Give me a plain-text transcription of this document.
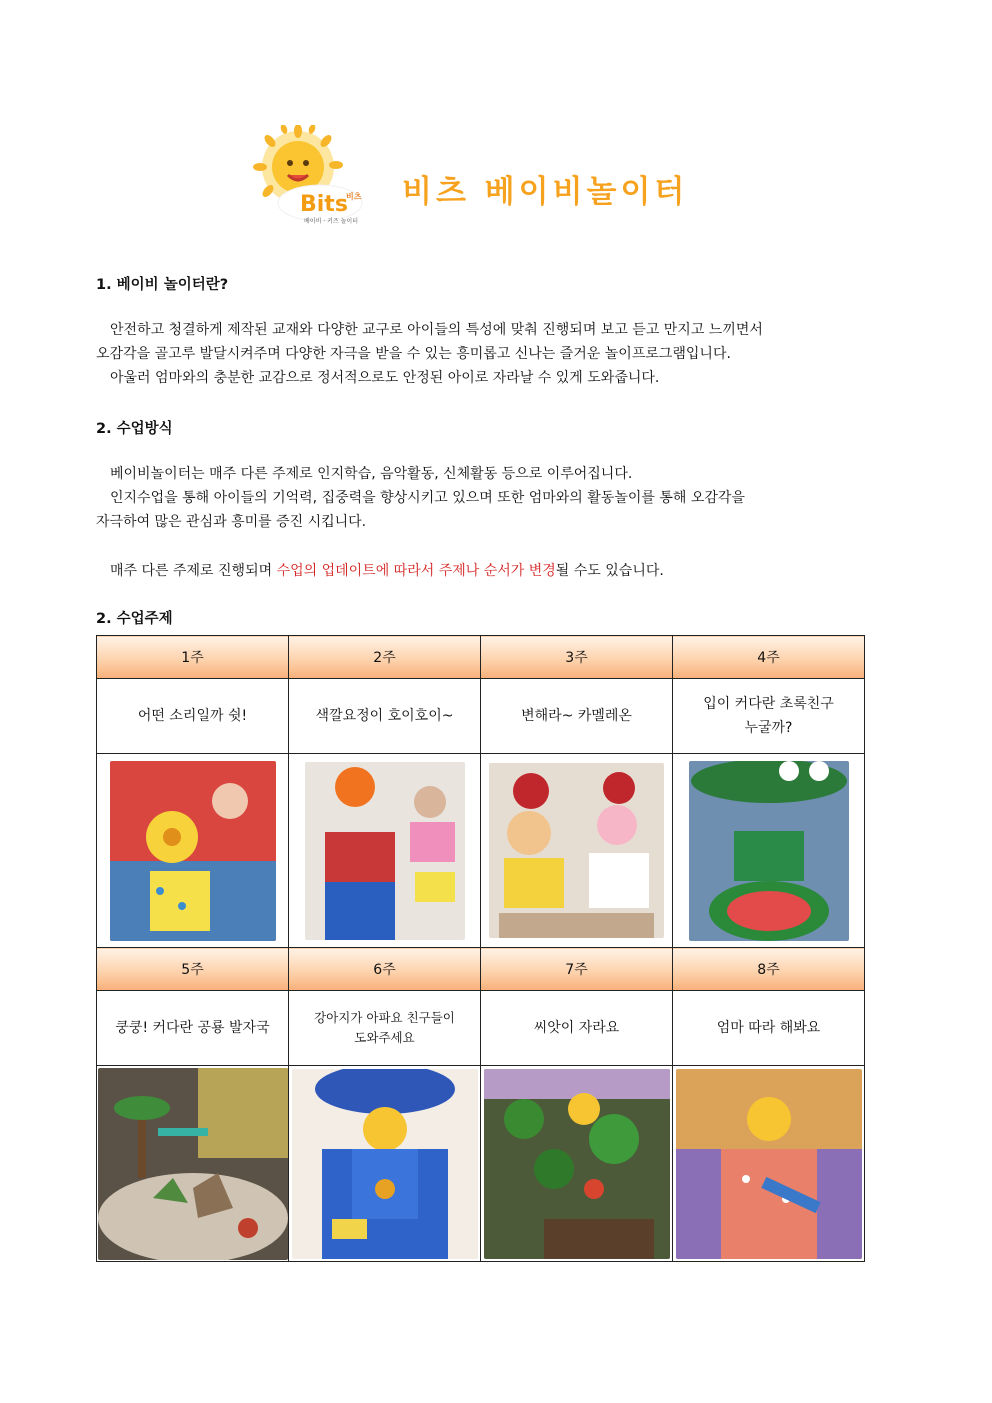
Bits
비츠
베이비 · 키즈 놀이터
비츠 베이비놀이터
1. 베이비 놀이터란?
안전하고 청결하게 제작된 교재와 다양한 교구로 아이들의 특성에 맞춰 진행되며 보고 듣고 만지고 느끼면서
오감각을 골고루 발달시켜주며 다양한 자극을 받을 수 있는 흥미롭고 신나는 즐거운 놀이프로그램입니다.
아울러 엄마와의 충분한 교감으로 정서적으로도 안정된 아이로 자라날 수 있게 도와줍니다.
2. 수업방식
베이비놀이터는 매주 다른 주제로 인지학습, 음악활동, 신체활동 등으로 이루어집니다.
인지수업을 통해 아이들의 기억력, 집중력을 향상시키고 있으며 또한 엄마와의 활동놀이를 통해 오감각을
자극하여 많은 관심과 흥미를 증진 시킵니다.
매주 다른 주제로 진행되며 수업의 업데이트에 따라서 주제나 순서가 변경될 수도 있습니다.
2. 수업주제
1주	2주	3주	4주
어떤 소리일까 쉿!	색깔요정이 호이호이~	변해라~ 카멜레온	입이 커다란 초록친구
누굴까?

5주	6주	7주	8주
쿵쿵! 커다란 공룡 발자국	강아지가 아파요 친구들이
도와주세요	씨앗이 자라요	엄마 따라 해봐요
